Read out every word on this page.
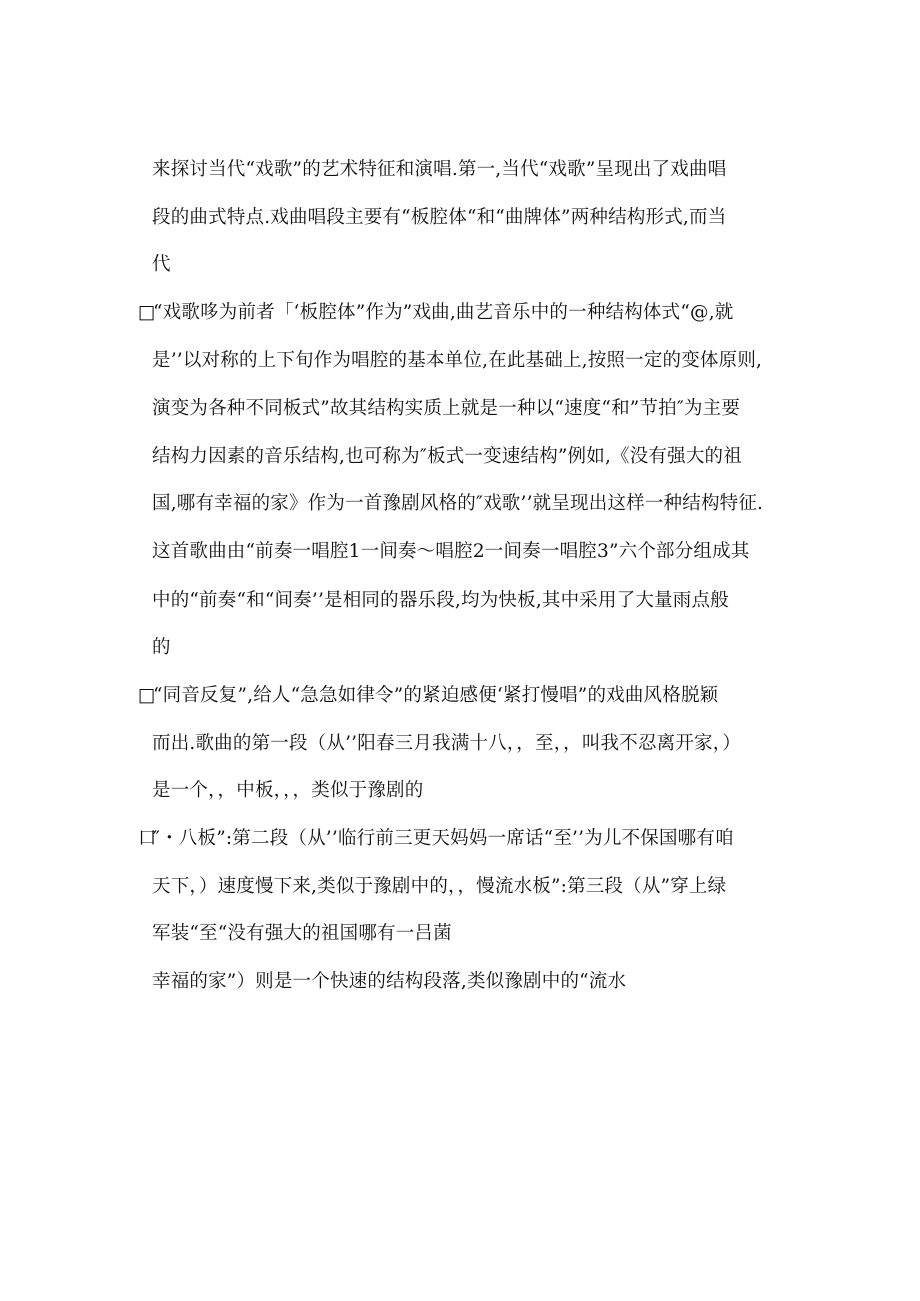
来探讨当代“戏歌”的艺术特征和演唱.第一,当代“戏歌”呈现出了戏曲唱
段的曲式特点.戏曲唱段主要有“板腔体“和“曲牌体”两种结构形式,而当
代
□“戏歌哆为前者「‘板腔体”作为”戏曲,曲艺音乐中的一种结构体式“@,就
是’’以对称的上下旬作为唱腔的基本单位,在此基础上,按照一定的变体原则,
演变为各种不同板式”故其结构实质上就是一种以“速度“和”节拍″为主要
结构力因素的音乐结构,也可称为″板式一变速结构”例如,《没有强大的祖
国,哪有幸福的家》作为一首豫剧风格的″戏歌’’就呈现出这样一种结构特征.
这首歌曲由“前奏一唱腔1一间奏〜唱腔2一间奏一唱腔3”六个部分组成其
中的“前奏“和“间奏’’是相同的器乐段,均为快板,其中采用了大量雨点般
的
□“同音反复”,给人“急急如律令”的紧迫感便‘紧打慢唱”的戏曲风格脱颖
而出.歌曲的第一段（从’’阳春三月我满十八，，至，，叫我不忍离开家，）
是一个，，中板，，，类似于豫剧的
口″・八板”:第二段（从’’临行前三更天妈妈一席话“至’’为儿不保国哪有咱
天下，）速度慢下来,类似于豫剧中的，，慢流水板”:第三段（从”穿上绿
军装“至“没有强大的祖国哪有一吕菌
幸福的家”）则是一个快速的结构段落,类似豫剧中的“流水
